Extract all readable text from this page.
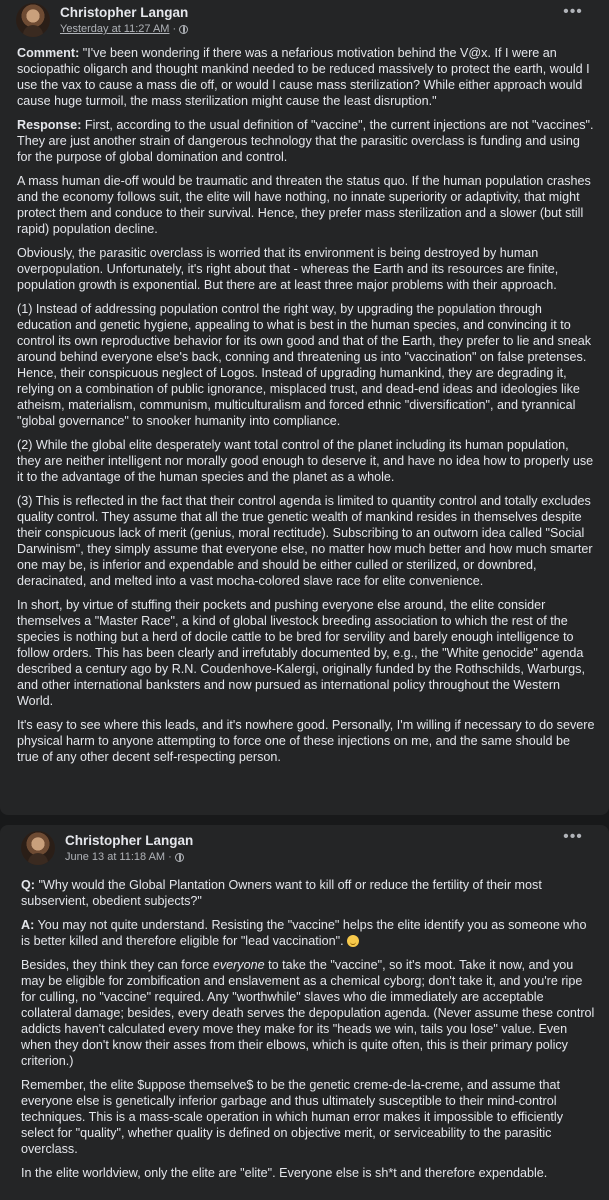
Christopher Langan
Yesterday at 11:27 AM ·
•••

Comment: "I've been wondering if there was a nefarious motivation behind the V@x. If I were an sociopathic oligarch and thought mankind needed to be reduced massively to protect the earth, would I use the vax to cause a mass die off, or would I cause mass sterilization? While either approach would cause huge turmoil, the mass sterilization might cause the least disruption."

Response: First, according to the usual definition of "vaccine", the current injections are not "vaccines". They are just another strain of dangerous technology that the parasitic overclass is funding and using for the purpose of global domination and control.

A mass human die-off would be traumatic and threaten the status quo. If the human population crashes and the economy follows suit, the elite will have nothing, no innate superiority or adaptivity, that might protect them and conduce to their survival. Hence, they prefer mass sterilization and a slower (but still rapid) population decline.

Obviously, the parasitic overclass is worried that its environment is being destroyed by human overpopulation. Unfortunately, it's right about that - whereas the Earth and its resources are finite, population growth is exponential. But there are at least three major problems with their approach.

(1) Instead of addressing population control the right way, by upgrading the population through education and genetic hygiene, appealing to what is best in the human species, and convincing it to control its own reproductive behavior for its own good and that of the Earth, they prefer to lie and sneak around behind everyone else's back, conning and threatening us into "vaccination" on false pretenses. Hence, their conspicuous neglect of Logos. Instead of upgrading humankind, they are degrading it, relying on a combination of public ignorance, misplaced trust, and dead-end ideas and ideologies like atheism, materialism, communism, multiculturalism and forced ethnic "diversification", and tyrannical "global governance" to snooker humanity into compliance.

(2) While the global elite desperately want total control of the planet including its human population, they are neither intelligent nor morally good enough to deserve it, and have no idea how to properly use it to the advantage of the human species and the planet as a whole.

(3) This is reflected in the fact that their control agenda is limited to quantity control and totally excludes quality control. They assume that all the true genetic wealth of mankind resides in themselves despite their conspicuous lack of merit (genius, moral rectitude). Subscribing to an outworn idea called "Social Darwinism", they simply assume that everyone else, no matter how much better and how much smarter one may be, is inferior and expendable and should be either culled or sterilized, or downbred, deracinated, and melted into a vast mocha-colored slave race for elite convenience.

In short, by virtue of stuffing their pockets and pushing everyone else around, the elite consider themselves a "Master Race", a kind of global livestock breeding association to which the rest of the species is nothing but a herd of docile cattle to be bred for servility and barely enough intelligence to follow orders. This has been clearly and irrefutably documented by, e.g., the "White genocide" agenda described a century ago by R.N. Coudenhove-Kalergi, originally funded by the Rothschilds, Warburgs, and other international banksters and now pursued as international policy throughout the Western World.

It's easy to see where this leads, and it's nowhere good. Personally, I'm willing if necessary to do severe physical harm to anyone attempting to force one of these injections on me, and the same should be true of any other decent self-respecting person.

Christopher Langan
June 13 at 11:18 AM ·
•••

Q: "Why would the Global Plantation Owners want to kill off or reduce the fertility of their most subservient, obedient subjects?"

A: You may not quite understand. Resisting the "vaccine" helps the elite identify you as someone who is better killed and therefore eligible for "lead vaccination".

Besides, they think they can force everyone to take the "vaccine", so it's moot. Take it now, and you may be eligible for zombification and enslavement as a chemical cyborg; don't take it, and you're ripe for culling, no "vaccine" required. Any "worthwhile" slaves who die immediately are acceptable collateral damage; besides, every death serves the depopulation agenda. (Never assume these control addicts haven't calculated every move they make for its "heads we win, tails you lose" value. Even when they don't know their asses from their elbows, which is quite often, this is their primary policy criterion.)

Remember, the elite $uppose themselve$ to be the genetic creme-de-la-creme, and assume that everyone else is genetically inferior garbage and thus ultimately susceptible to their mind-control techniques. This is a mass-scale operation in which human error makes it impossible to efficiently select for "quality", whether quality is defined on objective merit, or serviceability to the parasitic overclass.

In the elite worldview, only the elite are "elite". Everyone else is sh*t and therefore expendable.
